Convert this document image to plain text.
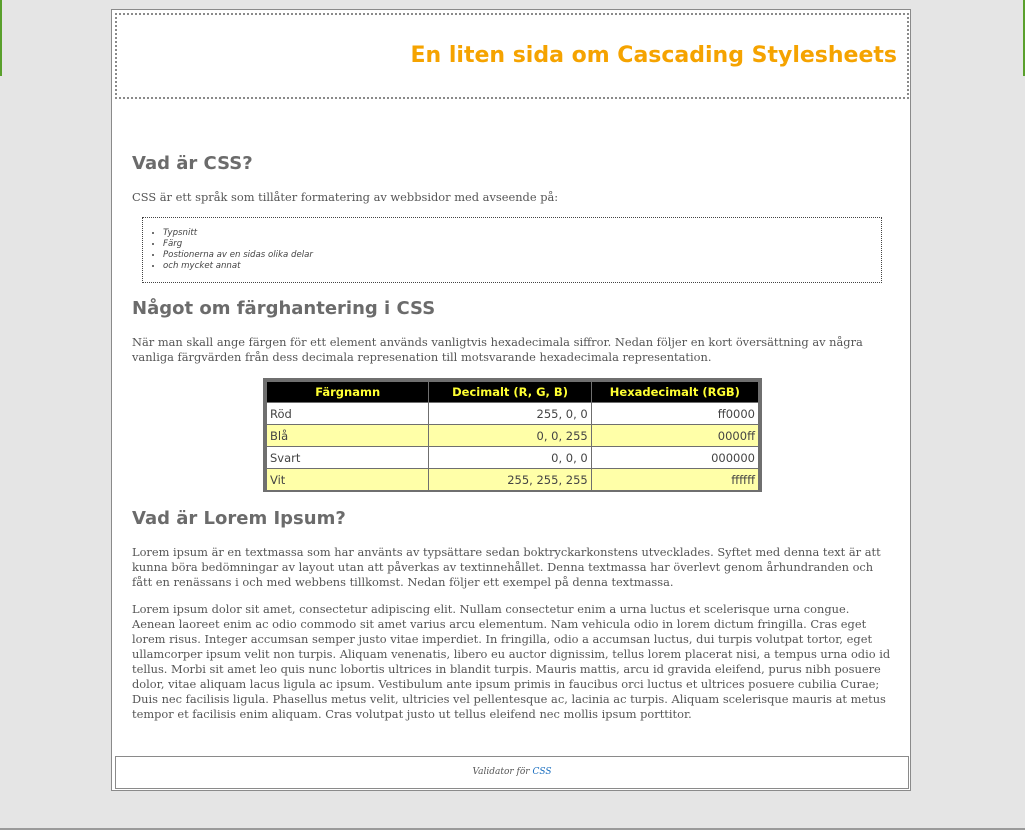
En liten sida om Cascading Stylesheets
Vad är CSS?

CSS är ett språk som tillåter formatering av webbsidor med avseende på:

• Typsnitt
• Färg
• Postionerna av en sidas olika delar
• och mycket annat
Något om färghantering i CSS

När man skall ange färgen för ett element används vanligtvis hexadecimala siffror. Nedan följer en kort översättning av några vanliga färgvärden från dess decimala represenation till motsvarande hexadecimala representation.

Färgnamn	Decimalt (R, G, B)	Hexadecimalt (RGB)
Röd	255, 0, 0	ff0000
Blå	0, 0, 255	0000ff
Svart	0, 0, 0	000000
Vit	255, 255, 255	ffffff
Vad är Lorem Ipsum?

Lorem ipsum är en textmassa som har använts av typsättare sedan boktryckarkonstens utvecklades. Syftet med denna text är att kunna böra bedömningar av layout utan att påverkas av textinnehållet. Denna textmassa har överlevt genom århundranden och fått en renässans i och med webbens tillkomst. Nedan följer ett exempel på denna textmassa.

Lorem ipsum dolor sit amet, consectetur adipiscing elit. Nullam consectetur enim a urna luctus et scelerisque urna congue. Aenean laoreet enim ac odio commodo sit amet varius arcu elementum. Nam vehicula odio in lorem dictum fringilla. Cras eget lorem risus. Integer accumsan semper justo vitae imperdiet. In fringilla, odio a accumsan luctus, dui turpis volutpat tortor, eget ullamcorper ipsum velit non turpis. Aliquam venenatis, libero eu auctor dignissim, tellus lorem placerat nisi, a tempus urna odio id tellus. Morbi sit amet leo quis nunc lobortis ultrices in blandit turpis. Mauris mattis, arcu id gravida eleifend, purus nibh posuere dolor, vitae aliquam lacus ligula ac ipsum. Vestibulum ante ipsum primis in faucibus orci luctus et ultrices posuere cubilia Curae; Duis nec facilisis ligula. Phasellus metus velit, ultricies vel pellentesque ac, lacinia ac turpis. Aliquam scelerisque mauris at metus tempor et facilisis enim aliquam. Cras volutpat justo ut tellus eleifend nec mollis ipsum porttitor.

Validator för CSS
